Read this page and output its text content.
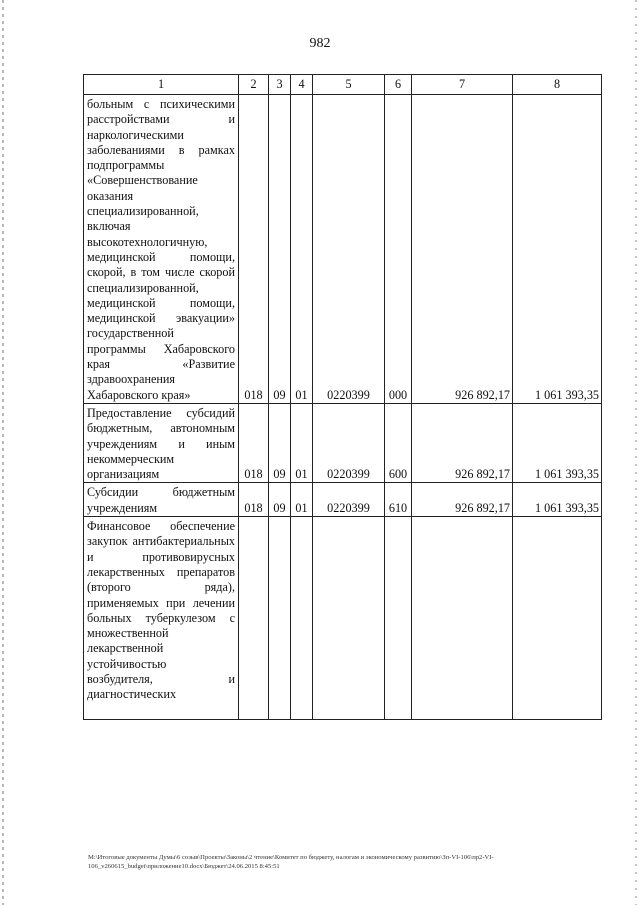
982
1	2	3	4	5	6	7	8
больным с психическими расстройствами и наркологическими заболеваниями в рамках подпрограммы «Совершенствование оказания специализированной, включая высокотехнологичную, медицинской помощи, скорой, в том числе скорой специализированной, медицинской помощи, медицинской эвакуации» государственной программы Хабаровского края «Развитие здравоохранения Хабаровского края»	018	09	01	0220399	000	926 892,17	1 061 393,35
Предоставление субсидий бюджетным, автономным учреждениям и иным некоммерческим организациям	018	09	01	0220399	600	926 892,17	1 061 393,35
Субсидии бюджетным учреждениям	018	09	01	0220399	610	926 892,17	1 061 393,35
Финансовое обеспечение закупок антибактериальных и противовирусных лекарственных препаратов (второго ряда), применяемых при лечении больных туберкулезом с множественной лекарственной устойчивостью возбудителя, и диагностических							
M:\Итоговые документы Думы\6 созыв\Проекты\Законы\2 чтение\Комитет по бюджету, налогам и экономическому развитию\Зп-VI-106\пр2-VI-106_v260615_budget\приложение10.docx\Бюджет\24.06.2015 8:45:51
